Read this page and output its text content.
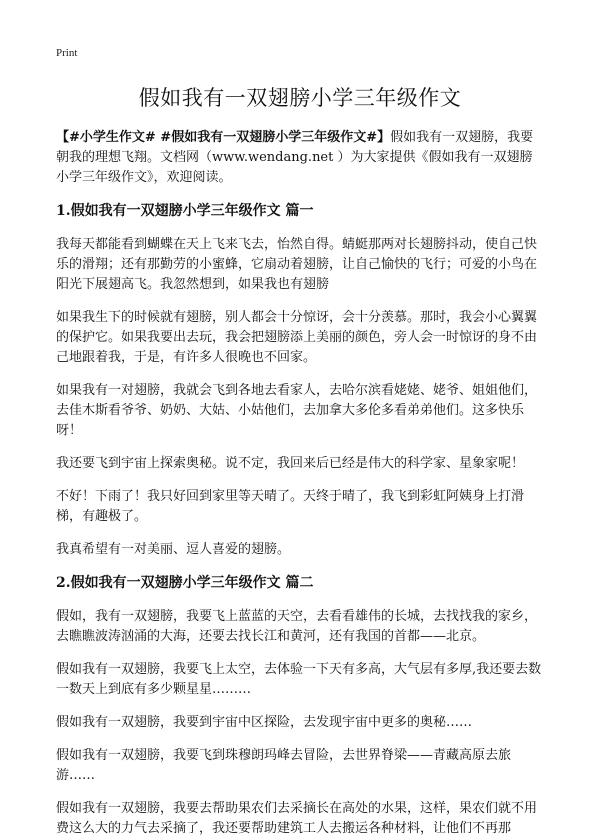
Print
假如我有一双翅膀小学三年级作文

【#小学生作文# #假如我有一双翅膀小学三年级作文#】假如我有一双翅膀，我要朝我的理想飞翔。文档网（www.wendang.net ）为大家提供《假如我有一双翅膀小学三年级作文》，欢迎阅读。

1.假如我有一双翅膀小学三年级作文 篇一

我每天都能看到蝴蝶在天上飞来飞去，怡然自得。蜻蜓那两对长翅膀抖动，使自己快乐的滑翔；还有那勤劳的小蜜蜂，它扇动着翅膀，让自己愉快的飞行；可爱的小鸟在阳光下展翅高飞。我忽然想到，如果我也有翅膀

如果我生下的时候就有翅膀，别人都会十分惊讶，会十分羡慕。那时，我会小心翼翼的保护它。如果我要出去玩，我会把翅膀添上美丽的颜色，旁人会一时惊讶的身不由己地跟着我，于是，有许多人很晚也不回家。

如果我有一对翅膀，我就会飞到各地去看家人，去哈尔滨看姥姥、姥爷、姐姐他们，去佳木斯看爷爷、奶奶、大姑、小姑他们，去加拿大多伦多看弟弟他们。这多快乐呀！

我还要飞到宇宙上探索奥秘。说不定，我回来后已经是伟大的科学家、星象家呢！

不好！下雨了！我只好回到家里等天晴了。天终于晴了，我飞到彩虹阿姨身上打滑梯，有趣极了。

我真希望有一对美丽、逗人喜爱的翅膀。

2.假如我有一双翅膀小学三年级作文 篇二

假如，我有一双翅膀，我要飞上蓝蓝的天空，去看看雄伟的长城，去找找我的家乡，去瞧瞧波涛汹涌的大海，还要去找长江和黄河，还有我国的首都——北京。

假如我有一双翅膀，我要飞上太空，去体验一下天有多高，大气层有多厚,我还要去数一数天上到底有多少颗星星………

假如我有一双翅膀，我要到宇宙中区探险，去发现宇宙中更多的奥秘……

假如我有一双翅膀，我要飞到珠穆朗玛峰去冒险，去世界脊梁——青藏高原去旅游……

假如我有一双翅膀，我要去帮助果农们去采摘长在高处的水果，这样，果农们就不用费这么大的力气去采摘了，我还要帮助建筑工人去搬运各种材料，让他们不再那
